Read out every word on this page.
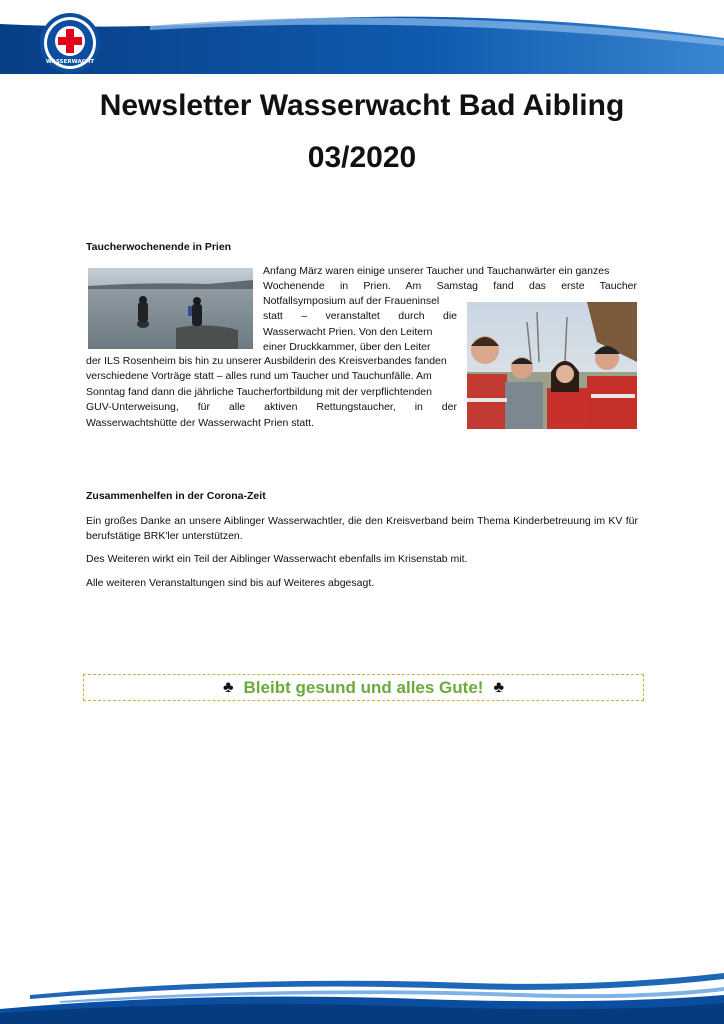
WASSERWACHT
Newsletter Wasserwacht Bad Aibling
03/2020

Taucherwochenende in Prien

Anfang März waren einige unserer Taucher und Tauchanwärter ein ganzes
Wochenende in Prien. Am Samstag fand das erste Taucher
Notfallsymposium auf der Fraueninsel
statt – veranstaltet durch die
Wasserwacht Prien. Von den Leitern
einer Druckkammer, über den Leiter
der ILS Rosenheim bis hin zu unserer Ausbilderin des Kreisverbandes fanden
verschiedene Vorträge statt – alles rund um Taucher und Tauchunfälle. Am
Sonntag fand dann die jährliche Taucherfortbildung mit der verpflichtenden
GUV-Unterweisung, für alle aktiven Rettungstaucher, in der
Wasserwachtshütte der Wasserwacht Prien statt.

Zusammenhelfen in der Corona-Zeit

Ein großes Danke an unsere Aiblinger Wasserwachtler, die den Kreisverband beim Thema Kinderbetreuung im KV für berufstätige BRK'ler unterstützen.

Des Weiteren wirkt ein Teil der Aiblinger Wasserwacht ebenfalls im Krisenstab mit.

Alle weiteren Veranstaltungen sind bis auf Weiteres abgesagt.

♣ Bleibt gesund und alles Gute! ♣
